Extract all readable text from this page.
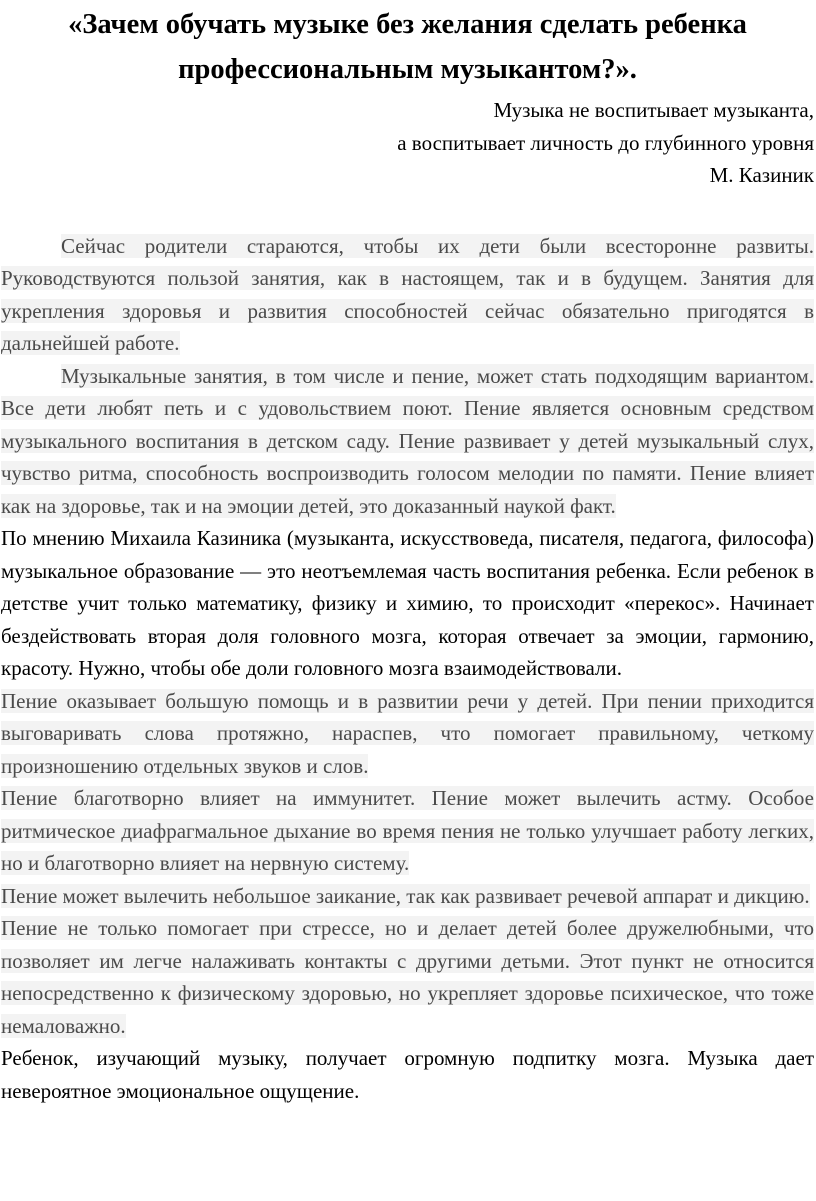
«Зачем обучать музыке без желания сделать ребенка профессиональным музыкантом?».
Музыка не воспитывает музыканта,
а воспитывает личность до глубинного уровня
М. Казиник

Сейчас родители стараются, чтобы их дети были всесторонне развиты. Руководствуются пользой занятия, как в настоящем, так и в будущем. Занятия для укрепления здоровья и развития способностей сейчас обязательно пригодятся в дальнейшей работе.

Музыкальные занятия, в том числе и пение, может стать подходящим вариантом. Все дети любят петь и с удовольствием поют. Пение является основным средством музыкального воспитания в детском саду. Пение развивает у детей музыкальный слух, чувство ритма, способность воспроизводить голосом мелодии по памяти. Пение влияет как на здоровье, так и на эмоции детей, это доказанный наукой факт.

По мнению Михаила Казиника (музыканта, искусствоведа, писателя, педагога, философа) музыкальное образование — это неотъемлемая часть воспитания ребенка. Если ребенок в детстве учит только математику, физику и химию, то происходит «перекос». Начинает бездействовать вторая доля головного мозга, которая отвечает за эмоции, гармонию, красоту. Нужно, чтобы обе доли головного мозга взаимодействовали.

Пение оказывает большую помощь и в развитии речи у детей. При пении приходится выговаривать слова протяжно, нараспев, что помогает правильному, четкому произношению отдельных звуков и слов.

Пение благотворно влияет на иммунитет. Пение может вылечить астму. Особое ритмическое диафрагмальное дыхание во время пения не только улучшает работу легких, но и благотворно влияет на нервную систему.

Пение может вылечить небольшое заикание, так как развивает речевой аппарат и дикцию.

Пение не только помогает при стрессе, но и делает детей более дружелюбными, что позволяет им легче налаживать контакты с другими детьми. Этот пункт не относится непосредственно к физическому здоровью, но укрепляет здоровье психическое, что тоже немаловажно.

Ребенок, изучающий музыку, получает огромную подпитку мозга. Музыка дает невероятное эмоциональное ощущение.
